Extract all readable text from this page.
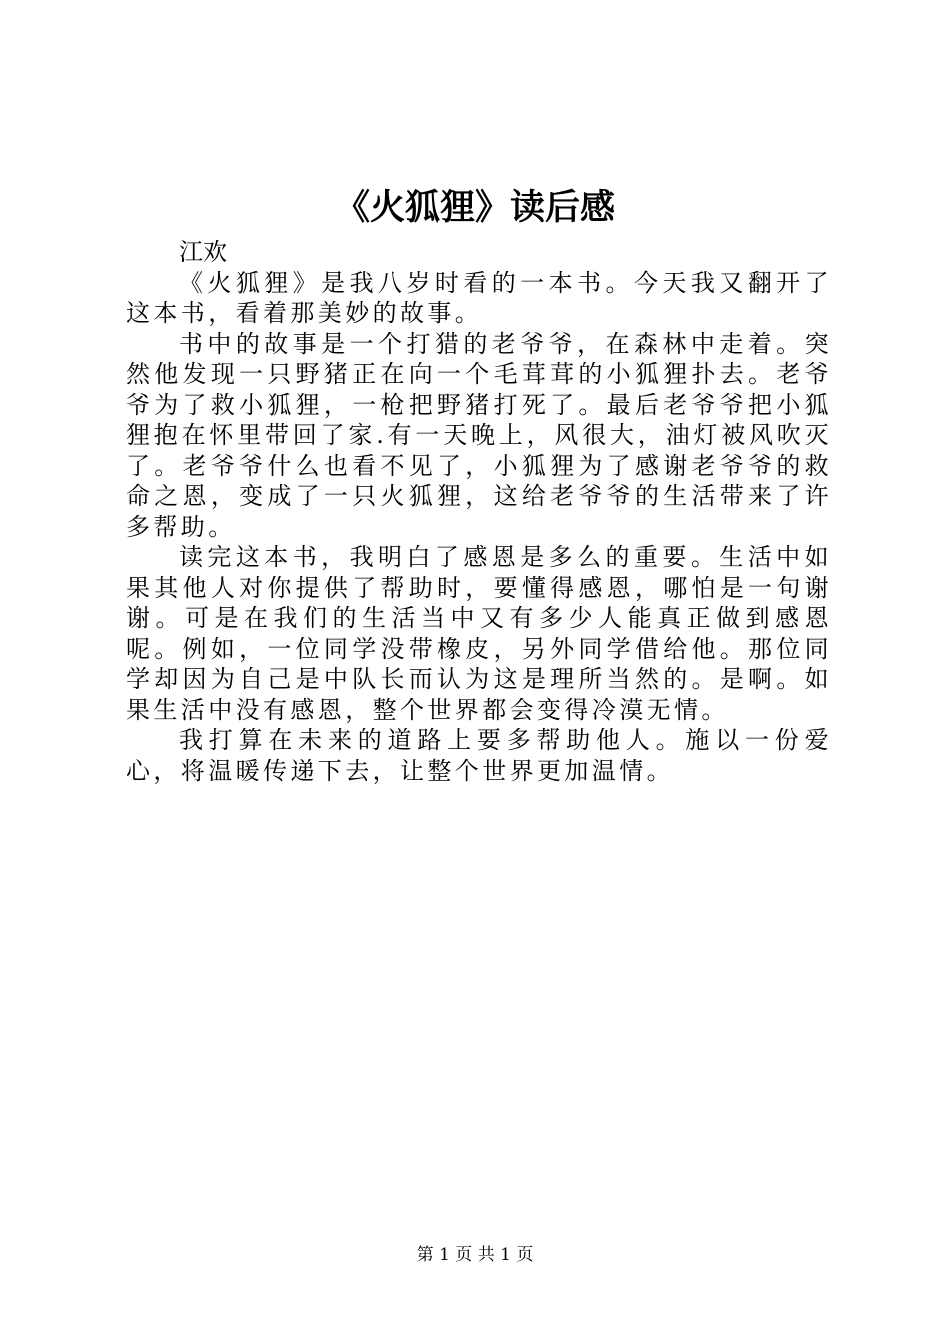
《火狐狸》读后感

江欢

《火狐狸》是我八岁时看的一本书。今天我又翻开了这本书，看着那美妙的故事。

书中的故事是一个打猎的老爷爷，在森林中走着。突然他发现一只野猪正在向一个毛茸茸的小狐狸扑去。老爷爷为了救小狐狸，一枪把野猪打死了。最后老爷爷把小狐狸抱在怀里带回了家.有一天晚上，风很大，油灯被风吹灭了。老爷爷什么也看不见了，小狐狸为了感谢老爷爷的救命之恩，变成了一只火狐狸，这给老爷爷的生活带来了许多帮助。

读完这本书，我明白了感恩是多么的重要。生活中如果其他人对你提供了帮助时，要懂得感恩，哪怕是一句谢谢。可是在我们的生活当中又有多少人能真正做到感恩呢。例如，一位同学没带橡皮，另外同学借给他。那位同学却因为自己是中队长而认为这是理所当然的。是啊。如果生活中没有感恩，整个世界都会变得冷漠无情。

我打算在未来的道路上要多帮助他人。施以一份爱心，将温暖传递下去，让整个世界更加温情。

第 1 页 共 1 页
